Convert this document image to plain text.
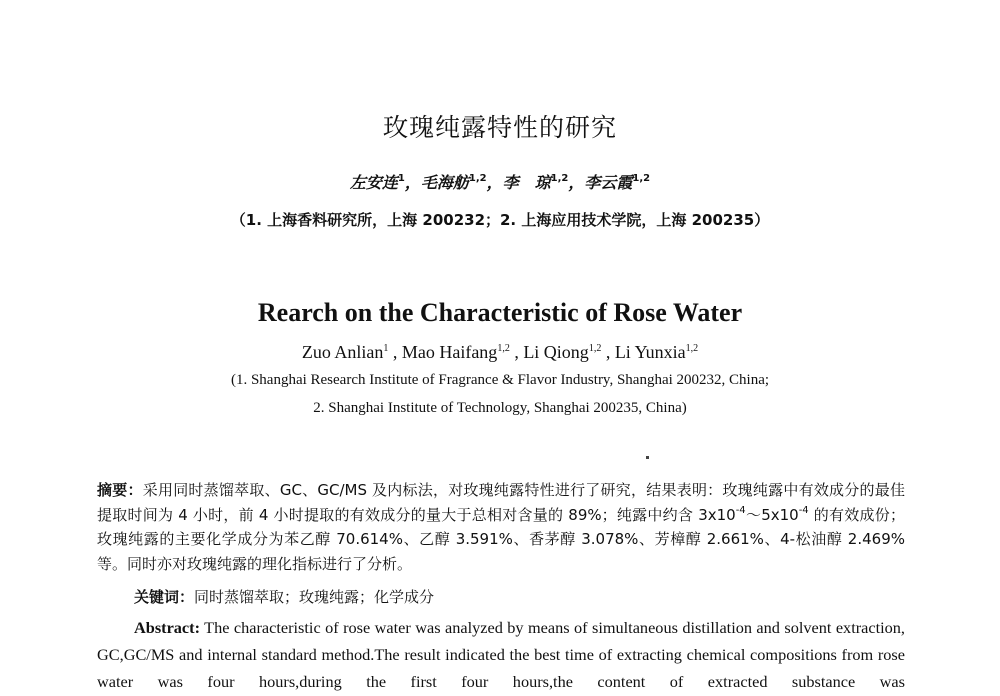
玫瑰纯露特性的研究
左安连$^1$，毛海舫$^{1,2}$，李　琼$^{1,2}$，李云霞$^{1,2}$
（1. 上海香料研究所，上海 200232；2. 上海应用技术学院，上海 200235）
Rearch on the Characteristic of Rose Water
Zuo Anlian$^1$ , Mao Haifang$^{1,2}$ , Li Qiong$^{1,2}$ , Li Yunxia$^{1,2}$
(1. Shanghai Research Institute of Fragrance & Flavor Industry, Shanghai 200232, China;
2. Shanghai Institute of Technology, Shanghai 200235, China)
摘要：采用同时蒸馏萃取、GC、GC/MS 及内标法，对玫瑰纯露特性进行了研究，结果表明：玫瑰纯露中有效成分的最佳提取时间为 4 小时，前 4 小时提取的有效成分的量大于总相对含量的 89%；纯露中约含 $3x10^{-4}\sim 5x10^{-4}$ 的有效成份；玫瑰纯露的主要化学成分为苯乙醇 70.614%、乙醇 3.591%、香茅醇 3.078%、芳樟醇 2.661%、4-松油醇 2.469%等。同时亦对玫瑰纯露的理化指标进行了分析。
关键词：同时蒸馏萃取；玫瑰纯露；化学成分
Abstract: The characteristic of rose water was analyzed by means of simultaneous distillation and solvent extraction, GC,GC/MS and internal standard method.The result indicated the best time of extracting chemical compositions from rose water was four hours,during the first four hours,the content of extracted substance was
